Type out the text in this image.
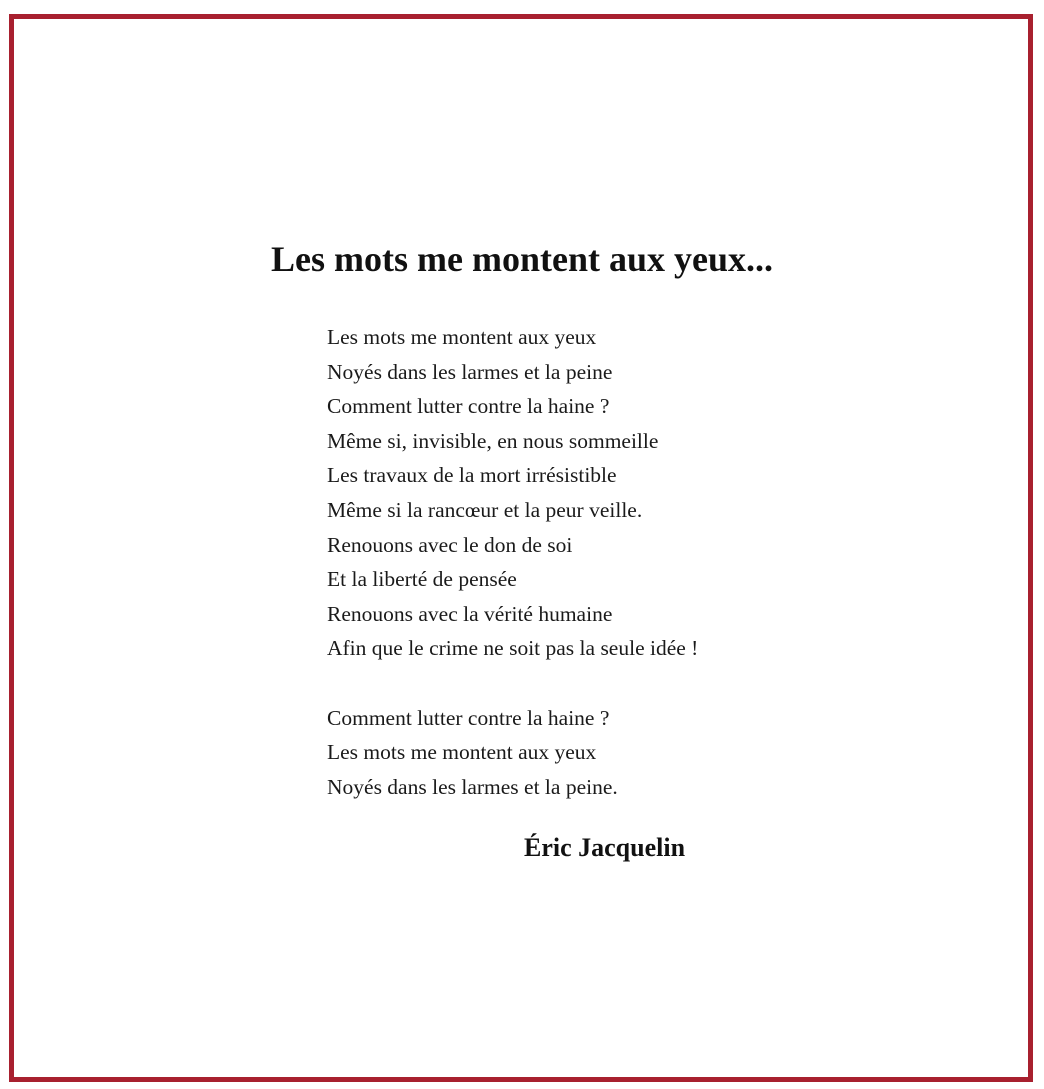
Les mots me montent aux yeux...
Les mots me montent aux yeux
Noyés dans les larmes et la peine
Comment lutter contre la haine ?
Même si, invisible, en nous sommeille
Les travaux de la mort irrésistible
Même si la rancœur et la peur veille.
Renouons avec le don de soi
Et la liberté de pensée
Renouons avec la vérité humaine
Afin que le crime ne soit pas la seule idée !
Comment lutter contre la haine ?
Les mots me montent aux yeux
Noyés dans les larmes et la peine.
Éric Jacquelin
